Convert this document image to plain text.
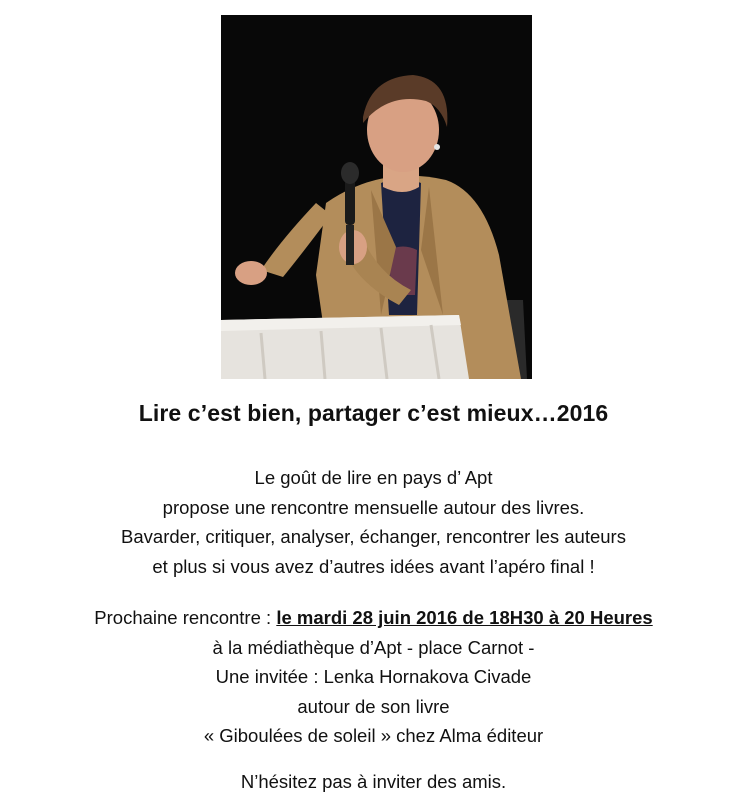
Lire c’est bien, partager c’est mieux…2016
Le goût de lire en pays d’ Apt
propose une rencontre mensuelle autour des livres.
Bavarder, critiquer, analyser, échanger, rencontrer les auteurs
et plus si vous avez d’autres idées avant l’apéro final !
Prochaine rencontre : le mardi 28 juin 2016 de 18H30 à 20 Heures
à la médiathèque d’Apt - place Carnot -
Une invitée : Lenka Hornakova Civade
autour de son livre
« Giboulées de soleil » chez Alma éditeur
N’hésitez pas à inviter des amis.
